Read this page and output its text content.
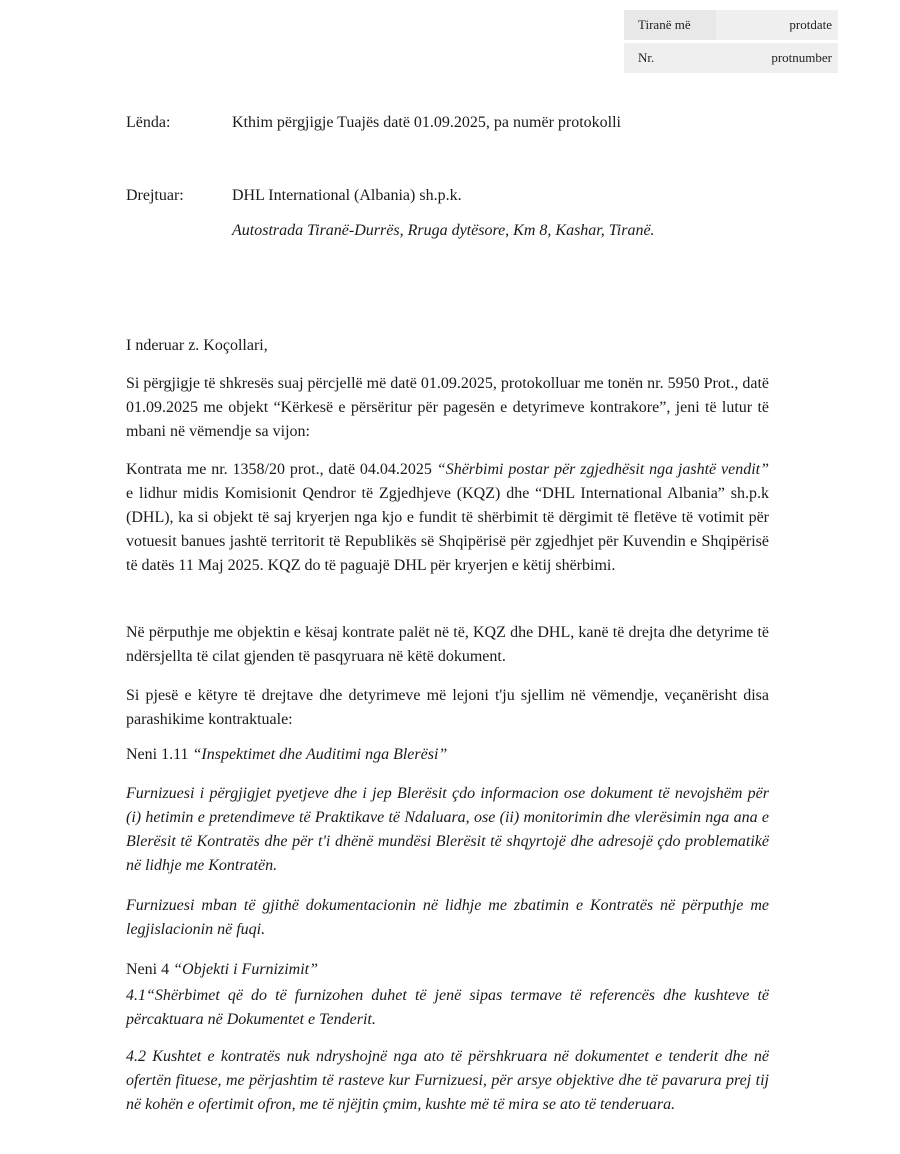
Tiranë më	protdate
Nr.	protnumber
Lënda:	Kthim përgjigje Tuajës datë 01.09.2025, pa numër protokolli
Drejtuar:	DHL International (Albania) sh.p.k.
Autostrada Tiranë-Durrës, Rruga dytësore, Km 8, Kashar, Tiranë.

I nderuar z. Koçollari,

Si përgjigje të shkresës suaj përcjellë më datë 01.09.2025, protokolluar me tonën nr. 5950 Prot., datë 01.09.2025 me objekt “Kërkesë e përsëritur për pagesën e detyrimeve kontrakore”, jeni të lutur të mbani në vëmendje sa vijon:

Kontrata me nr. 1358/20 prot., datë 04.04.2025 “Shërbimi postar për zgjedhësit nga jashtë vendit” e lidhur midis Komisionit Qendror të Zgjedhjeve (KQZ) dhe “DHL International Albania” sh.p.k (DHL), ka si objekt të saj kryerjen nga kjo e fundit të shërbimit të dërgimit të fletëve të votimit për votuesit banues jashtë territorit të Republikës së Shqipërisë për zgjedhjet për Kuvendin e Shqipërisë të datës 11 Maj 2025. KQZ do të paguajë DHL për kryerjen e këtij shërbimi.

Në përputhje me objektin e kësaj kontrate palët në të, KQZ dhe DHL, kanë të drejta dhe detyrime të ndërsjellta të cilat gjenden të pasqyruara në këtë dokument.

Si pjesë e këtyre të drejtave dhe detyrimeve më lejoni t'ju sjellim në vëmendje, veçanërisht disa parashikime kontraktuale:

Neni 1.11 “Inspektimet dhe Auditimi nga Blerësi”

Furnizuesi i përgjigjet pyetjeve dhe i jep Blerësit çdo informacion ose dokument të nevojshëm për (i) hetimin e pretendimeve të Praktikave të Ndaluara, ose (ii) monitorimin dhe vlerësimin nga ana e Blerësit të Kontratës dhe për t'i dhënë mundësi Blerësit të shqyrtojë dhe adresojë çdo problematikë në lidhje me Kontratën.

Furnizuesi mban të gjithë dokumentacionin në lidhje me zbatimin e Kontratës në përputhje me legjislacionin në fuqi.

Neni 4 “Objekti i Furnizimit”

4.1“Shërbimet që do të furnizohen duhet të jenë sipas termave të referencës dhe kushteve të përcaktuara në Dokumentet e Tenderit.

4.2 Kushtet e kontratës nuk ndryshojnë nga ato të përshkruara në dokumentet e tenderit dhe në ofertën fituese, me përjashtim të rasteve kur Furnizuesi, për arsye objektive dhe të pavarura prej tij në kohën e ofertimit ofron, me të njëjtin çmim, kushte më të mira se ato të tenderuara.
